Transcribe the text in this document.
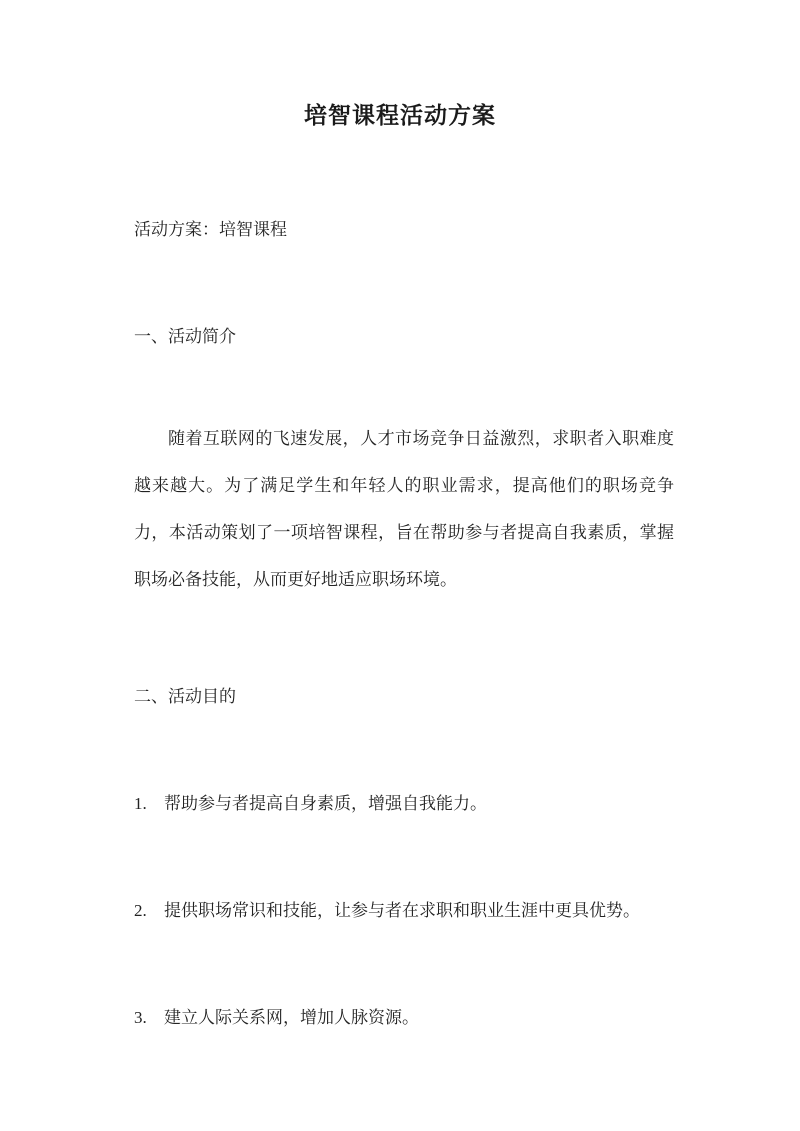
培智课程活动方案
活动方案：培智课程
一、活动简介
随着互联网的飞速发展，人才市场竞争日益激烈，求职者入职难度越来越大。为了满足学生和年轻人的职业需求，提高他们的职场竞争力，本活动策划了一项培智课程，旨在帮助参与者提高自我素质，掌握职场必备技能，从而更好地适应职场环境。
二、活动目的
1. 帮助参与者提高自身素质，增强自我能力。
2. 提供职场常识和技能，让参与者在求职和职业生涯中更具优势。
3. 建立人际关系网，增加人脉资源。
